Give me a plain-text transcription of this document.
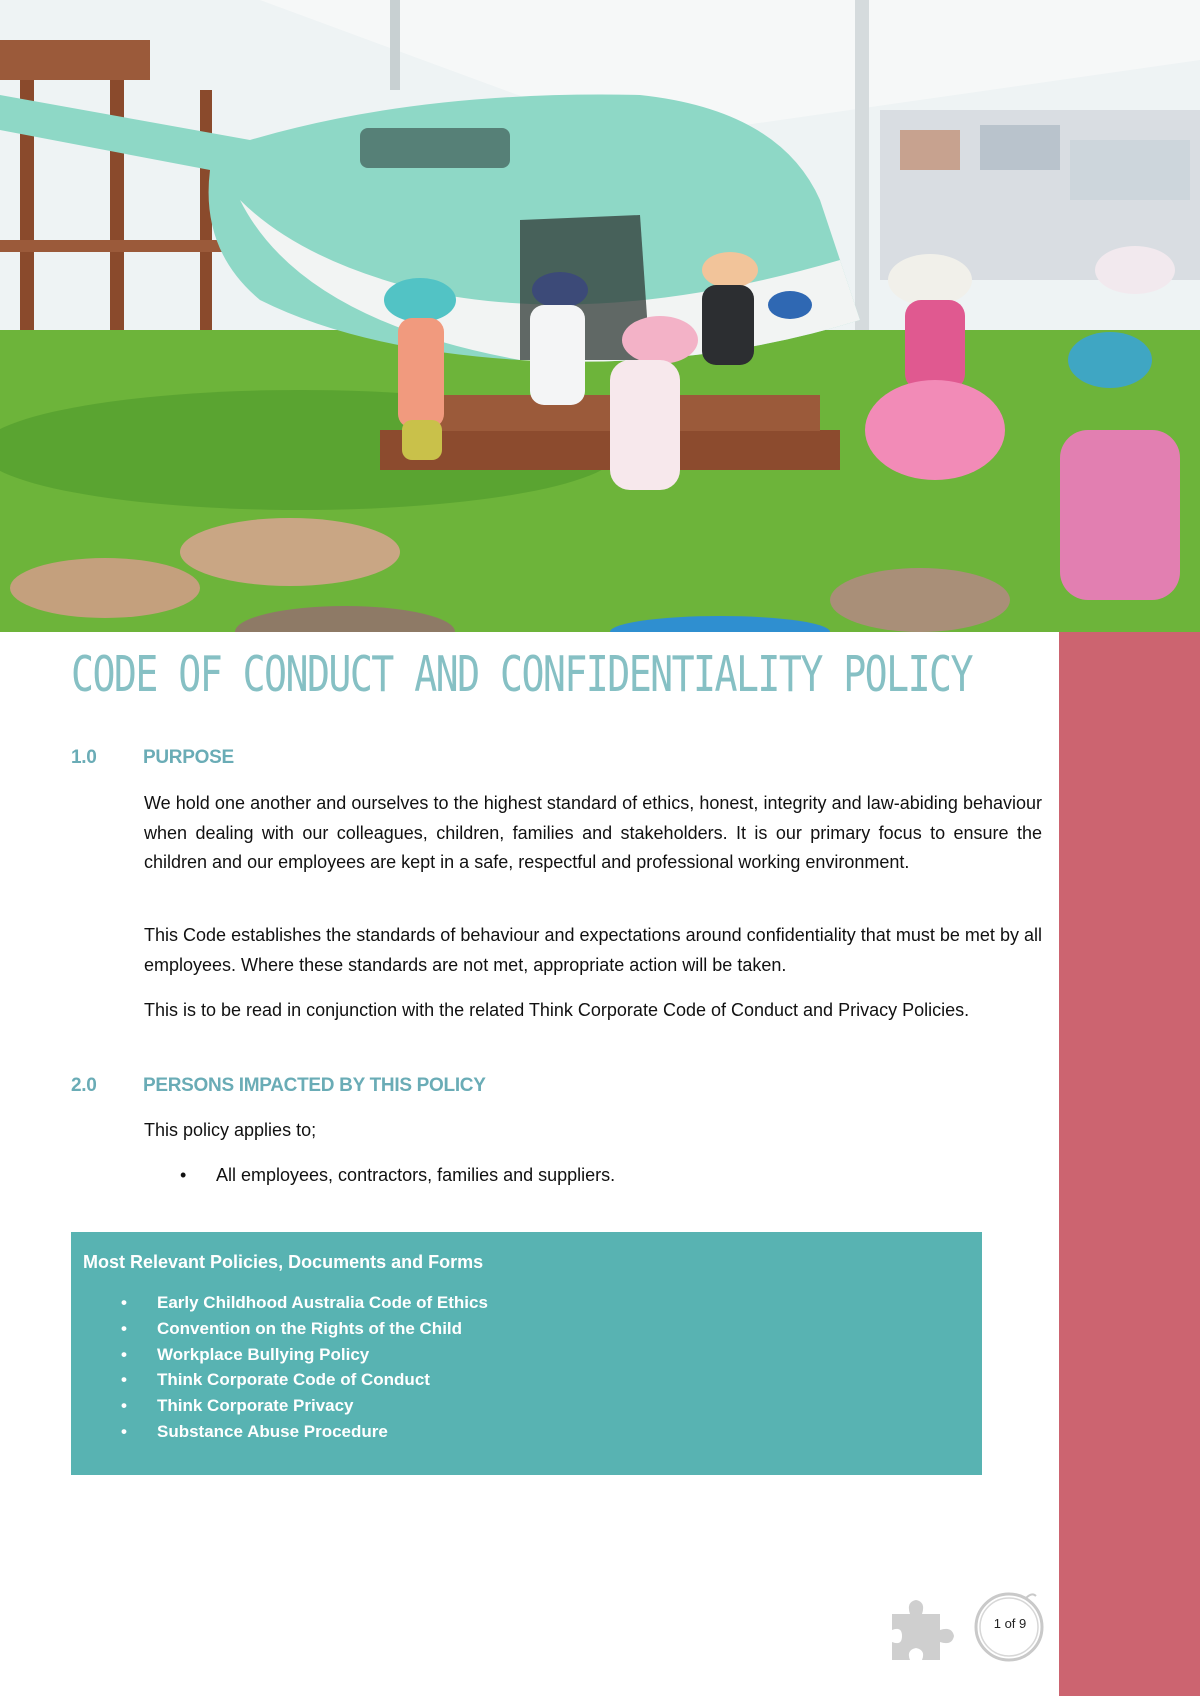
CODE OF CONDUCT AND CONFIDENTIALITY POLICY
1.0 PURPOSE
We hold one another and ourselves to the highest standard of ethics, honest, integrity and law-abiding behaviour when dealing with our colleagues, children, families and stakeholders. It is our primary focus to ensure the children and our employees are kept in a safe, respectful and professional working environment.
This Code establishes the standards of behaviour and expectations around confidentiality that must be met by all employees. Where these standards are not met, appropriate action will be taken.
This is to be read in conjunction with the related Think Corporate Code of Conduct and Privacy Policies.
2.0 PERSONS IMPACTED BY THIS POLICY
This policy applies to;
• All employees, contractors, families and suppliers.
Most Relevant Policies, Documents and Forms
• Early Childhood Australia Code of Ethics
• Convention on the Rights of the Child
• Workplace Bullying Policy
• Think Corporate Code of Conduct
• Think Corporate Privacy
• Substance Abuse Procedure
1 of 9
